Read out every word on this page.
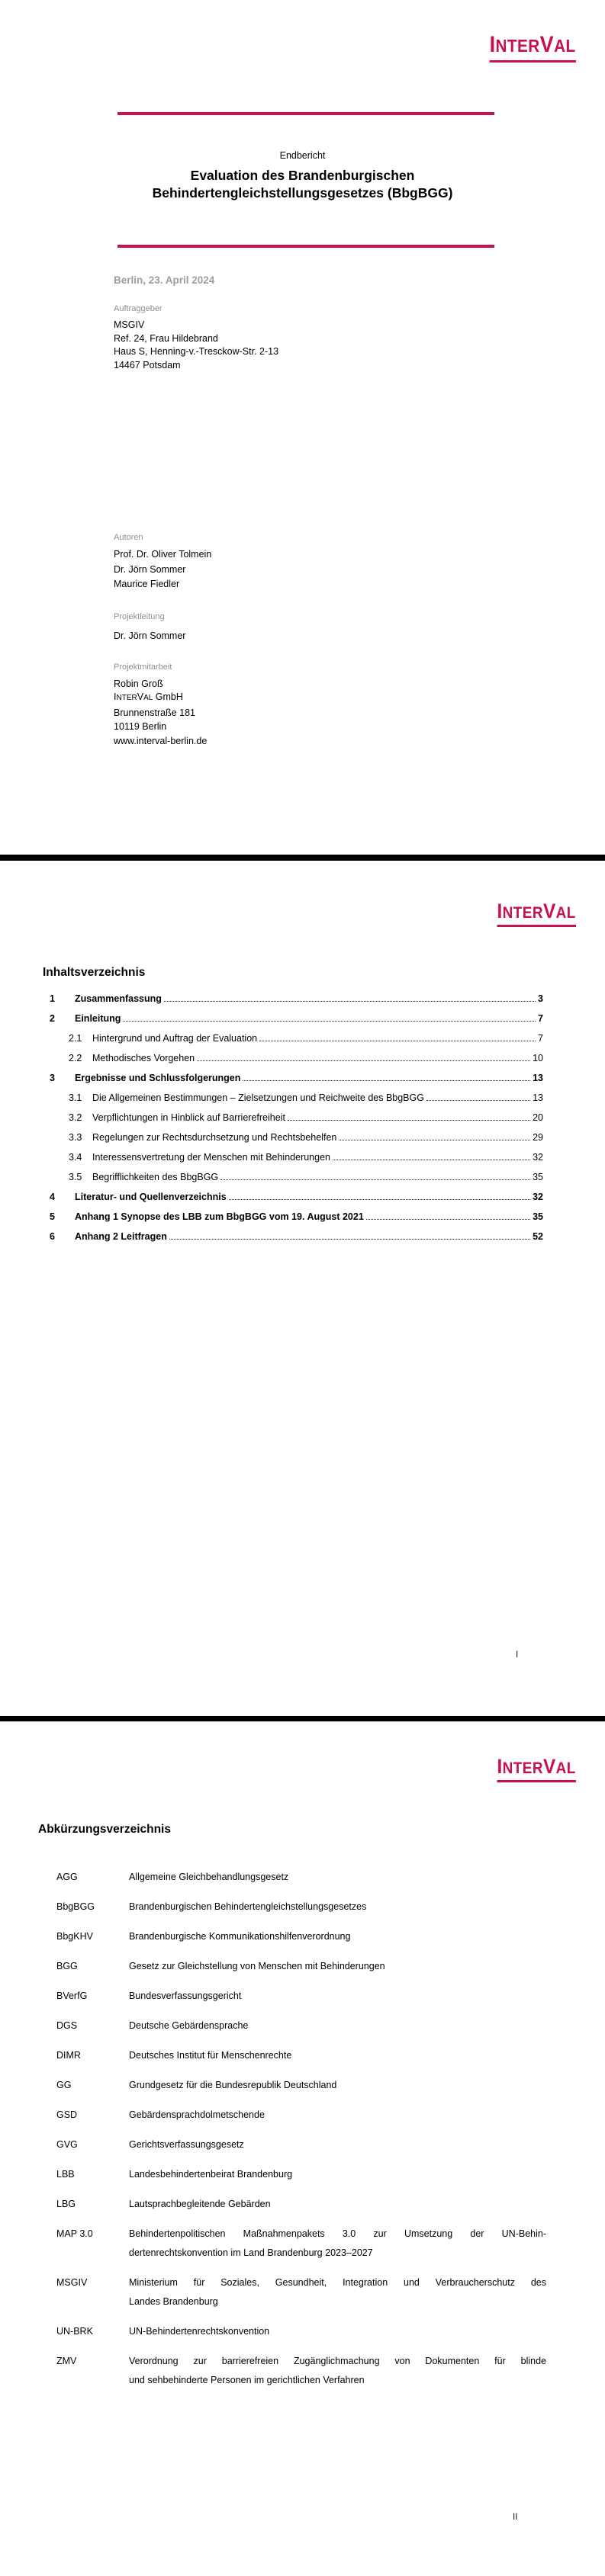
INTERVAL
Endbericht
Evaluation des Brandenburgischen
Behindertengleichstellungsgesetzes (BbgBGG)
Berlin, 23. April 2024
Auftraggeber
MSGIV
Ref. 24, Frau Hildebrand
Haus S, Henning-v.-Tresckow-Str. 2-13
14467 Potsdam
Autoren
Prof. Dr. Oliver Tolmein
Dr. Jörn Sommer
Maurice Fiedler
Projektleitung
Dr. Jörn Sommer
Projektmitarbeit
Robin Groß
INTERVAL GmbH
Brunnenstraße 181
10119 Berlin
www.interval-berlin.de
INTERVAL
Inhaltsverzeichnis
1	Zusammenfassung	3
2	Einleitung	7
2.1	Hintergrund und Auftrag der Evaluation	7
2.2	Methodisches Vorgehen	10
3	Ergebnisse und Schlussfolgerungen	13
3.1	Die Allgemeinen Bestimmungen – Zielsetzungen und Reichweite des BbgBGG	13
3.2	Verpflichtungen in Hinblick auf Barrierefreiheit	20
3.3	Regelungen zur Rechtsdurchsetzung und Rechtsbehelfen	29
3.4	Interessensvertretung der Menschen mit Behinderungen	32
3.5	Begrifflichkeiten des BbgBGG	35
4	Literatur- und Quellenverzeichnis	32
5	Anhang 1 Synopse des LBB zum BbgBGG vom 19. August 2021	35
6	Anhang 2 Leitfragen	52
I
INTERVAL
Abkürzungsverzeichnis
AGG	Allgemeine Gleichbehandlungsgesetz
BbgBGG	Brandenburgischen Behindertengleichstellungsgesetzes
BbgKHV	Brandenburgische Kommunikationshilfenverordnung
BGG	Gesetz zur Gleichstellung von Menschen mit Behinderungen
BVerfG	Bundesverfassungsgericht
DGS	Deutsche Gebärdensprache
DIMR	Deutsches Institut für Menschenrechte
GG	Grundgesetz für die Bundesrepublik Deutschland
GSD	Gebärdensprachdolmetschende
GVG	Gerichtsverfassungsgesetz
LBB	Landesbehindertenbeirat Brandenburg
LBG	Lautsprachbegleitende Gebärden
MAP 3.0	Behindertenpolitischen Maßnahmenpakets 3.0 zur Umsetzung der UN-Behin-
dertenrechtskonvention im Land Brandenburg 2023–2027
MSGIV	Ministerium für Soziales, Gesundheit, Integration und Verbraucherschutz des
Landes Brandenburg
UN-BRK	UN-Behindertenrechtskonvention
ZMV	Verordnung zur barrierefreien Zugänglichmachung von Dokumenten für blinde
und sehbehinderte Personen im gerichtlichen Verfahren
II
